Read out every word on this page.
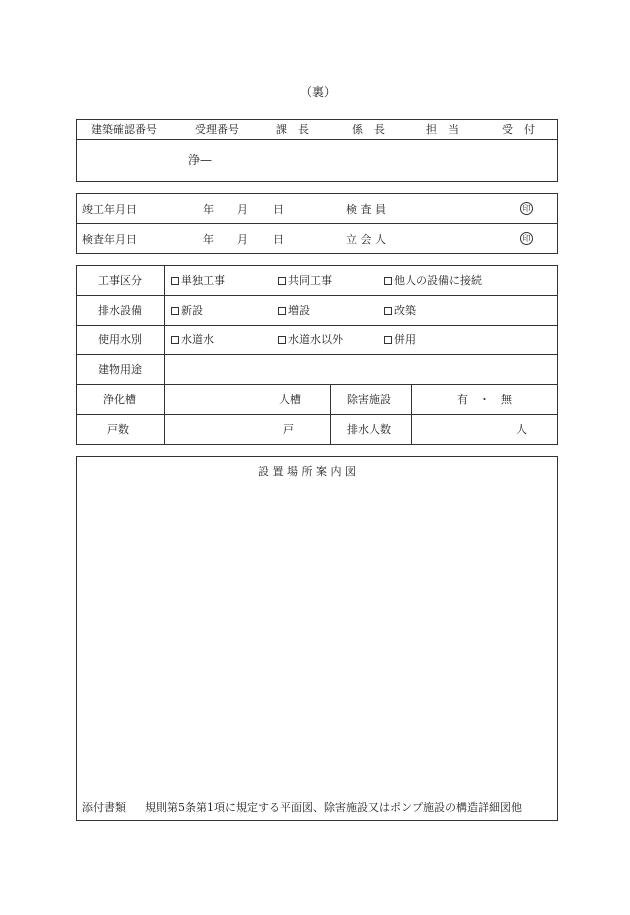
（裏）
建築確認番号	受理番号	課　長	係　長	担　当	受　付
浄—
竣工年月日	年 月 日	検 査 員	印
検査年月日	年 月 日	立 会 人	印
工事区分	単独工事	共同工事	他人の設備に接続
排水設備	新設	増設	改築
使用水別	水道水	水道水以外	併用
建物用途
浄化槽	人槽	除害施設	有　・　無
戸数	戸	排水人数	人
設 置 場 所 案 内 図
添付書類 規則第5条第1項に規定する平面図、除害施設又はポンプ施設の構造詳細図他
